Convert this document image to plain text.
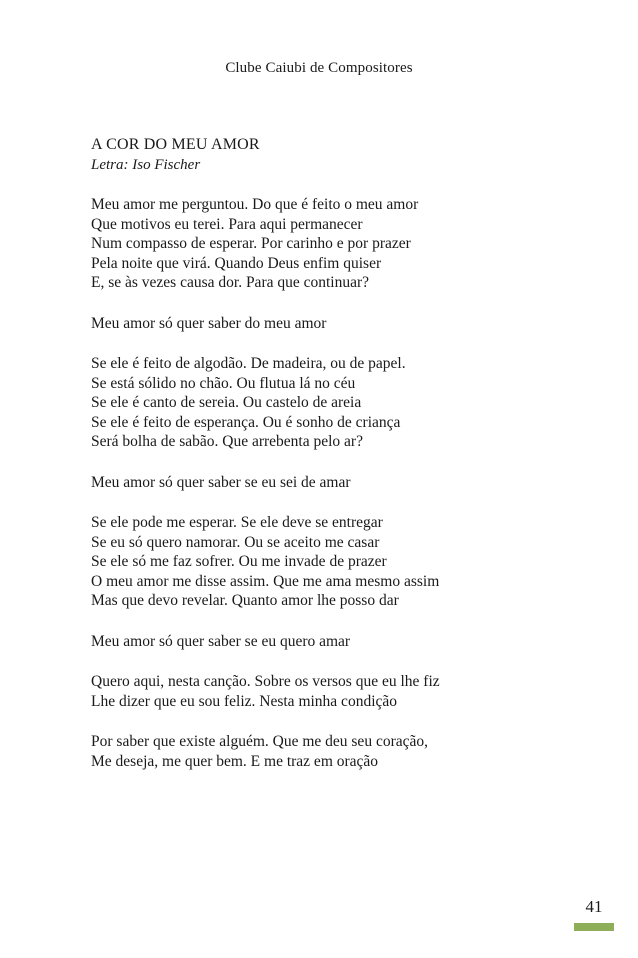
Clube Caiubi de Compositores
A COR DO MEU AMOR
Letra: Iso Fischer
Meu amor me perguntou. Do que é feito o meu amor
Que motivos eu terei. Para aqui permanecer
Num compasso de esperar. Por carinho e por prazer
Pela noite que virá. Quando Deus enfim quiser
E, se às vezes causa dor. Para que continuar?
Meu amor só quer saber do meu amor
Se ele é feito de algodão. De madeira, ou de papel.
Se está sólido no chão. Ou flutua lá no céu
Se ele é canto de sereia. Ou castelo de areia
Se ele é feito de esperança. Ou é sonho de criança
Será bolha de sabão. Que arrebenta pelo ar?
Meu amor só quer saber se eu sei de amar
Se ele pode me esperar. Se ele deve se entregar
Se eu só quero namorar. Ou se aceito me casar
Se ele só me faz sofrer. Ou me invade de prazer
O meu amor me disse assim. Que me ama mesmo assim
Mas que devo revelar. Quanto amor lhe posso dar
Meu amor só quer saber se eu quero amar
Quero aqui, nesta canção. Sobre os versos que eu lhe fiz
Lhe dizer que eu sou feliz. Nesta minha condição
Por saber que existe alguém. Que me deu seu coração,
Me deseja, me quer bem. E me traz em oração
41
